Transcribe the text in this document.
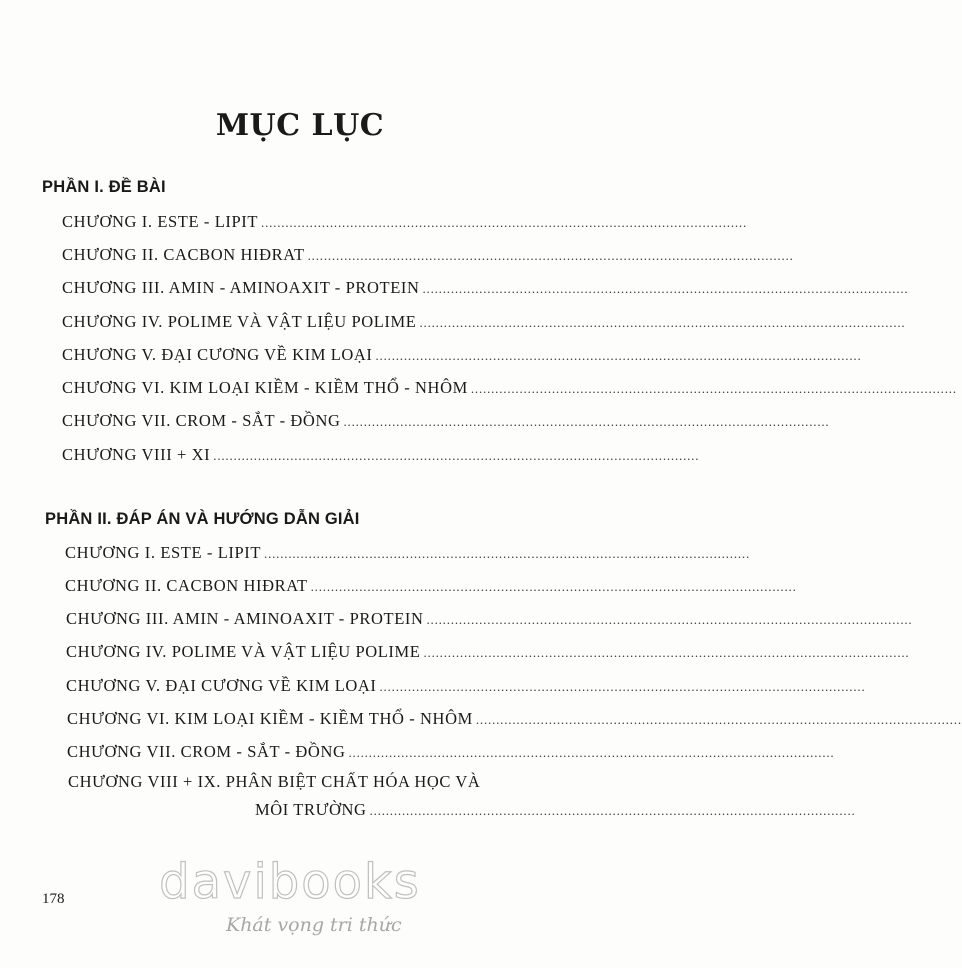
MỤC LỤC
PHẦN I. ĐỀ BÀI
CHƯƠNG I. ESTE - LIPIT ........................................................................................................................
CHƯƠNG II. CACBON HIĐRAT ........................................................................................................................
CHƯƠNG III. AMIN - AMINOAXIT - PROTEIN ........................................................................................................................
CHƯƠNG IV. POLIME VÀ VẬT LIỆU POLIME ........................................................................................................................
CHƯƠNG V. ĐẠI CƯƠNG VỀ KIM LOẠI ........................................................................................................................
CHƯƠNG VI. KIM LOẠI KIỀM - KIỀM THỔ - NHÔM ........................................................................................................................
CHƯƠNG VII. CROM - SẮT - ĐỒNG ........................................................................................................................
CHƯƠNG VIII + XI ........................................................................................................................
PHẦN II. ĐÁP ÁN VÀ HƯỚNG DẪN GIẢI
CHƯƠNG I. ESTE - LIPIT ........................................................................................................................
CHƯƠNG II. CACBON HIĐRAT ........................................................................................................................
CHƯƠNG III. AMIN - AMINOAXIT - PROTEIN ........................................................................................................................
CHƯƠNG IV. POLIME VÀ VẬT LIỆU POLIME ........................................................................................................................
CHƯƠNG V. ĐẠI CƯƠNG VỀ KIM LOẠI ........................................................................................................................
CHƯƠNG VI. KIM LOẠI KIỀM - KIỀM THỔ - NHÔM ........................................................................................................................
CHƯƠNG VII. CROM - SẮT - ĐỒNG ........................................................................................................................
CHƯƠNG VIII + IX. PHÂN BIỆT CHẤT HÓA HỌC VÀ
MÔI TRƯỜNG ........................................................................................................................
178	davibooks
Khát vọng tri thức
